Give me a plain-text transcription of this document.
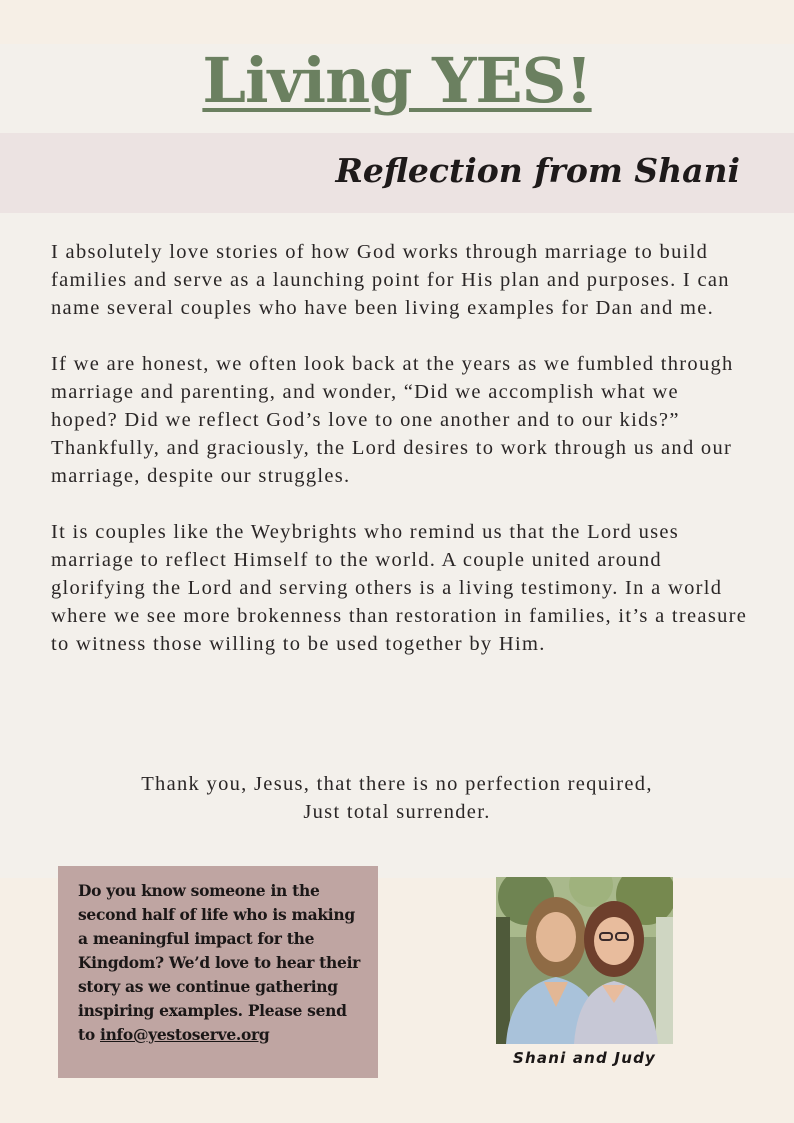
Living YES!
Reflection from Shani

I absolutely love stories of how God works through marriage to build families and serve as a launching point for His plan and purposes. I can name several couples who have been living examples for Dan and me.

If we are honest, we often look back at the years as we fumbled through marriage and parenting, and wonder, “Did we accomplish what we hoped? Did we reflect God’s love to one another and to our kids?” Thankfully, and graciously, the Lord desires to work through us and our marriage, despite our struggles.

It is couples like the Weybrights who remind us that the Lord uses marriage to reflect Himself to the world. A couple united around glorifying the Lord and serving others is a living testimony. In a world where we see more brokenness than restoration in families, it’s a treasure to witness those willing to be used together by Him.

Thank you, Jesus, that there is no perfection required,
Just total surrender.
Do you know someone in the second half of life who is making a meaningful impact for the Kingdom? We’d love to hear their story as we continue gathering inspiring examples. Please send to info@yestoserve.org
Shani and Judy
